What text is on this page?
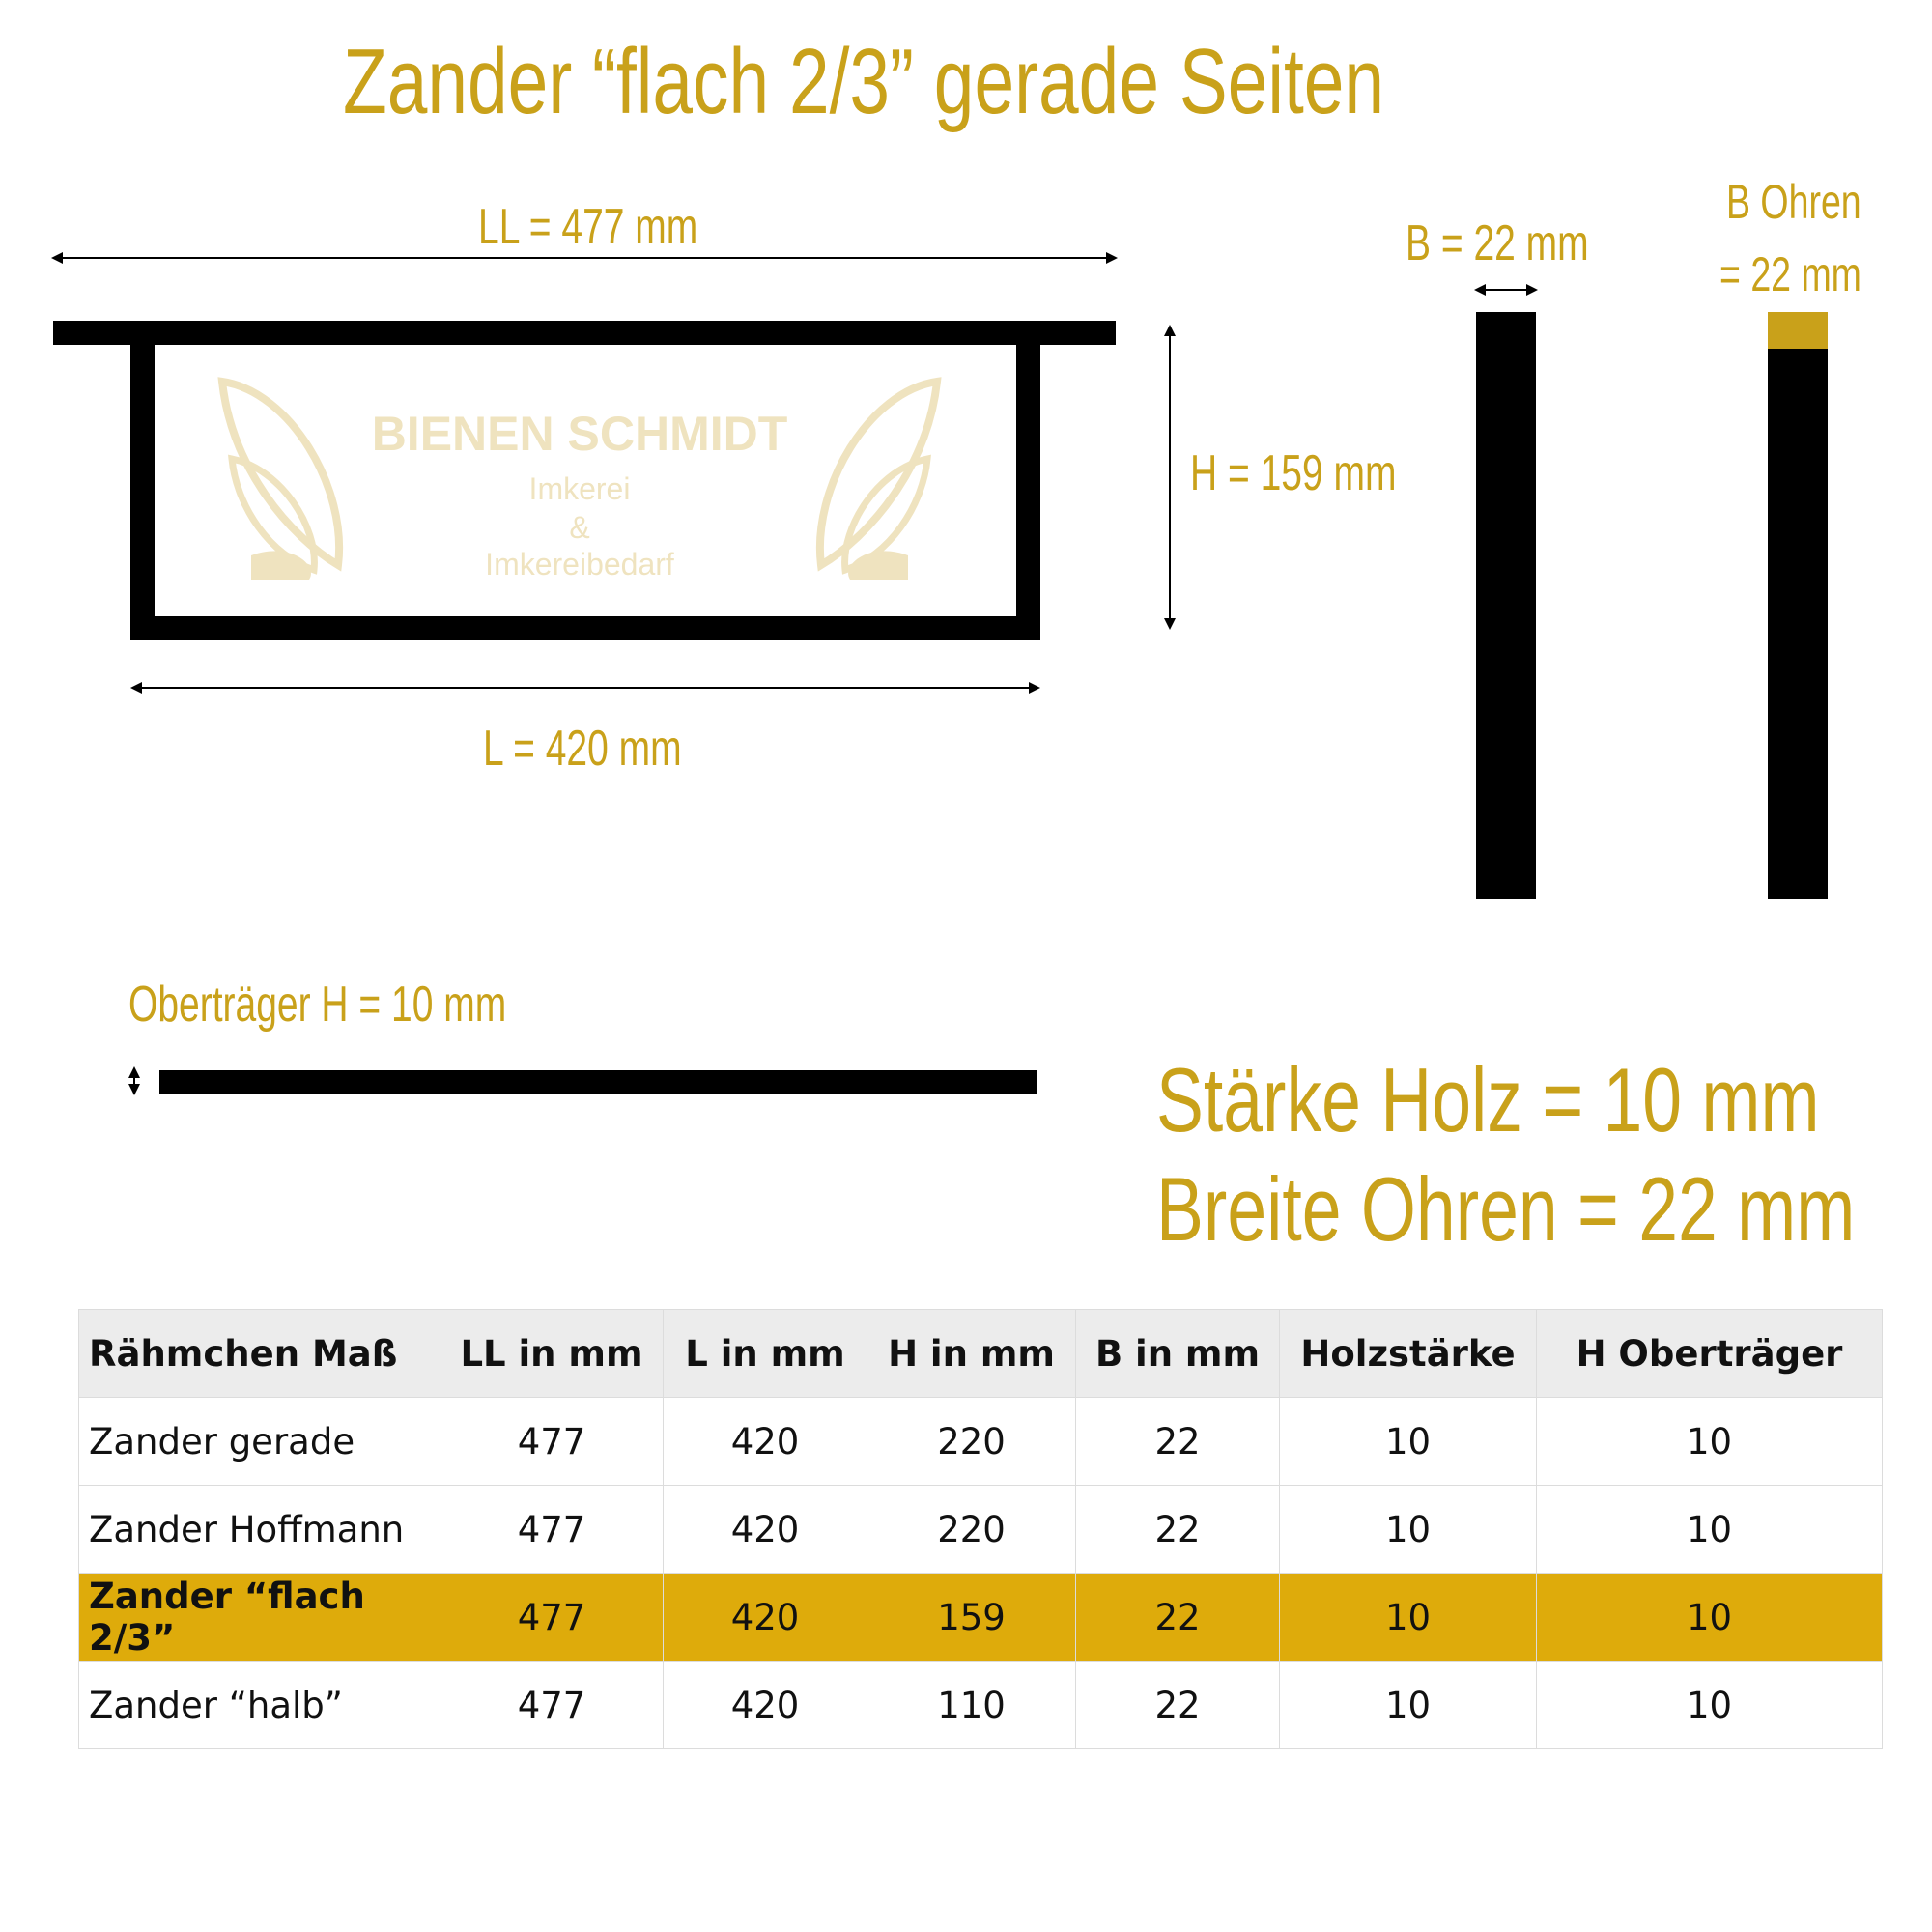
Zander “flach 2/3” gerade Seiten
LL = 477 mm
BIENEN SCHMIDT
Imkerei
&
Imkereibedarf
H = 159 mm
L = 420 mm
B = 22 mm
B Ohren
= 22 mm
Oberträger H = 10 mm
Stärke Holz = 10 mm
Breite Ohren = 22 mm
Rähmchen Maß	LL in mm	L in mm	H in mm	B in mm	Holzstärke	H Oberträger
Zander gerade	477	420	220	22	10	10
Zander Hoffmann	477	420	220	22	10	10
Zander “flach 2/3”	477	420	159	22	10	10
Zander “halb”	477	420	110	22	10	10
